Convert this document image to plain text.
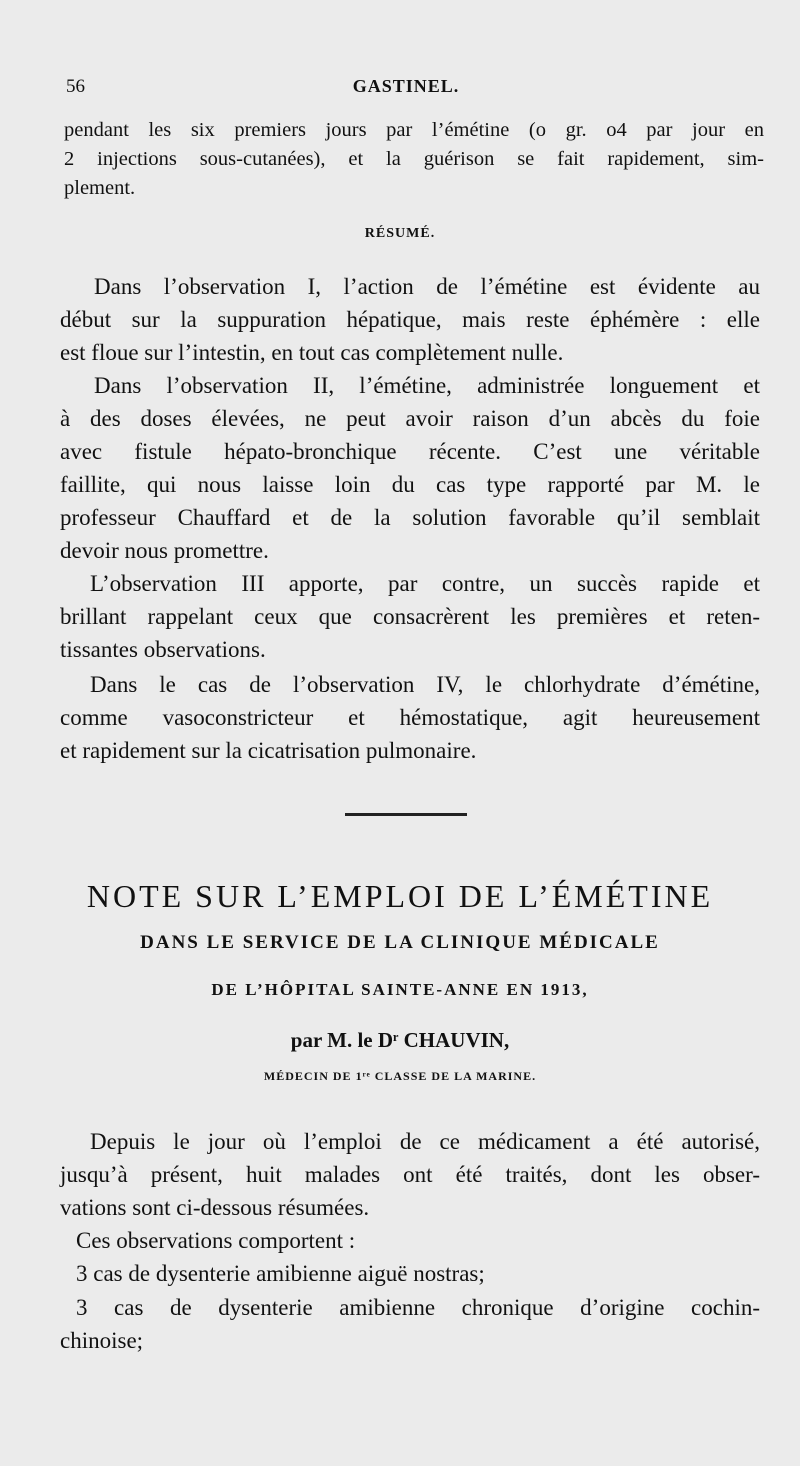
56	GASTINEL.

pendant les six premiers jours par l’émétine (o gr. o4 par jour en
2 injections sous-cutanées), et la guérison se fait rapidement, sim-
plement.

RÉSUMÉ.

Dans l’observation I, l’action de l’émétine est évidente au
début sur la suppuration hépatique, mais reste éphémère : elle
est floue sur l’intestin, en tout cas complètement nulle.

Dans l’observation II, l’émétine, administrée longuement et
à des doses élevées, ne peut avoir raison d’un abcès du foie
avec fistule hépato-bronchique récente. C’est une véritable
faillite, qui nous laisse loin du cas type rapporté par M. le
professeur Chauffard et de la solution favorable qu’il semblait
devoir nous promettre.

L’observation III apporte, par contre, un succès rapide et
brillant rappelant ceux que consacrèrent les premières et reten-
tissantes observations.

Dans le cas de l’observation IV, le chlorhydrate d’émétine,
comme vasoconstricteur et hémostatique, agit heureusement
et rapidement sur la cicatrisation pulmonaire.

NOTE SUR L’EMPLOI DE L’ÉMÉTINE
DANS LE SERVICE DE LA CLINIQUE MÉDICALE
DE L’HÔPITAL SAINTE-ANNE EN 1913,
par M. le Dʳ CHAUVIN,
MÉDECIN DE 1ʳᵉ CLASSE DE LA MARINE.

Depuis le jour où l’emploi de ce médicament a été autorisé,
jusqu’à présent, huit malades ont été traités, dont les obser-
vations sont ci-dessous résumées.

Ces observations comportent :

3 cas de dysenterie amibienne aiguë nostras;

3 cas de dysenterie amibienne chronique d’origine cochin-
chinoise;
